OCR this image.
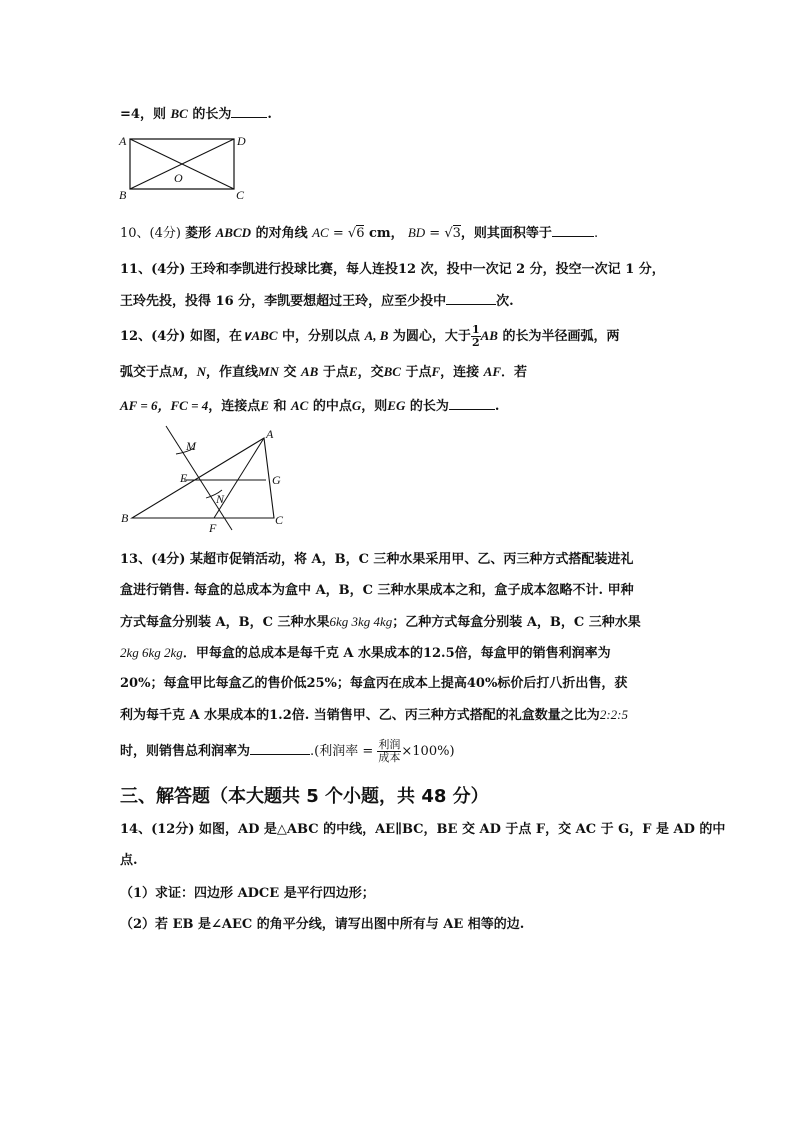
=4，则 BC 的长为	.
A	D
B	C
O
10、(4分) 菱形 ABCD 的对角线 AC = √6 cm， BD = √3，则其面积等于	.
11、(4分) 王玲和李凯进行投球比赛，每人连投12 次，投中一次记 2 分，投空一次记 1 分，
王玲先投，投得 16 分，李凯要想超过王玲，应至少投中	次.
12、(4分) 如图，在∨ABC 中，分别以点 A, B 为圆心，大于 $\frac{1}{2}$ AB 的长为半径画弧，两
弧交于点M，N，作直线MN 交 AB 于点E，交BC 于点F，连接 AF．若
AF = 6，FC = 4，连接点E 和 AC 的中点G，则EG 的长为	.
A
M
E	G
N
B
F
C
13、(4分) 某超市促销活动，将 A，B，C 三种水果采用甲、乙、丙三种方式搭配装进礼
盒进行销售. 每盒的总成本为盒中 A，B，C 三种水果成本之和，盒子成本忽略不计. 甲种
方式每盒分别装 A，B，C 三种水果6kg 3kg 4kg；乙种方式每盒分别装 A，B，C 三种水果
2kg 6kg 2kg．甲每盒的总成本是每千克 A 水果成本的12.5倍，每盒甲的销售利润率为
20%；每盒甲比每盒乙的售价低25%；每盒丙在成本上提高40%标价后打八折出售，获
利为每千克 A 水果成本的1.2倍. 当销售甲、乙、丙三种方式搭配的礼盒数量之比为2:2:5
时，则销售总利润率为	.(利润率 = $\frac{\text{利润}}{\text{成本}} \times 100\%$)
三、解答题（本大题共 5 个小题，共 48 分）
14、(12分) 如图，AD 是△ABC 的中线，AE∥BC，BE 交 AD 于点 F，交 AC 于 G，F 是 AD 的中
点.
（1）求证：四边形 ADCE 是平行四边形；
（2）若 EB 是∠AEC 的角平分线，请写出图中所有与 AE 相等的边.
